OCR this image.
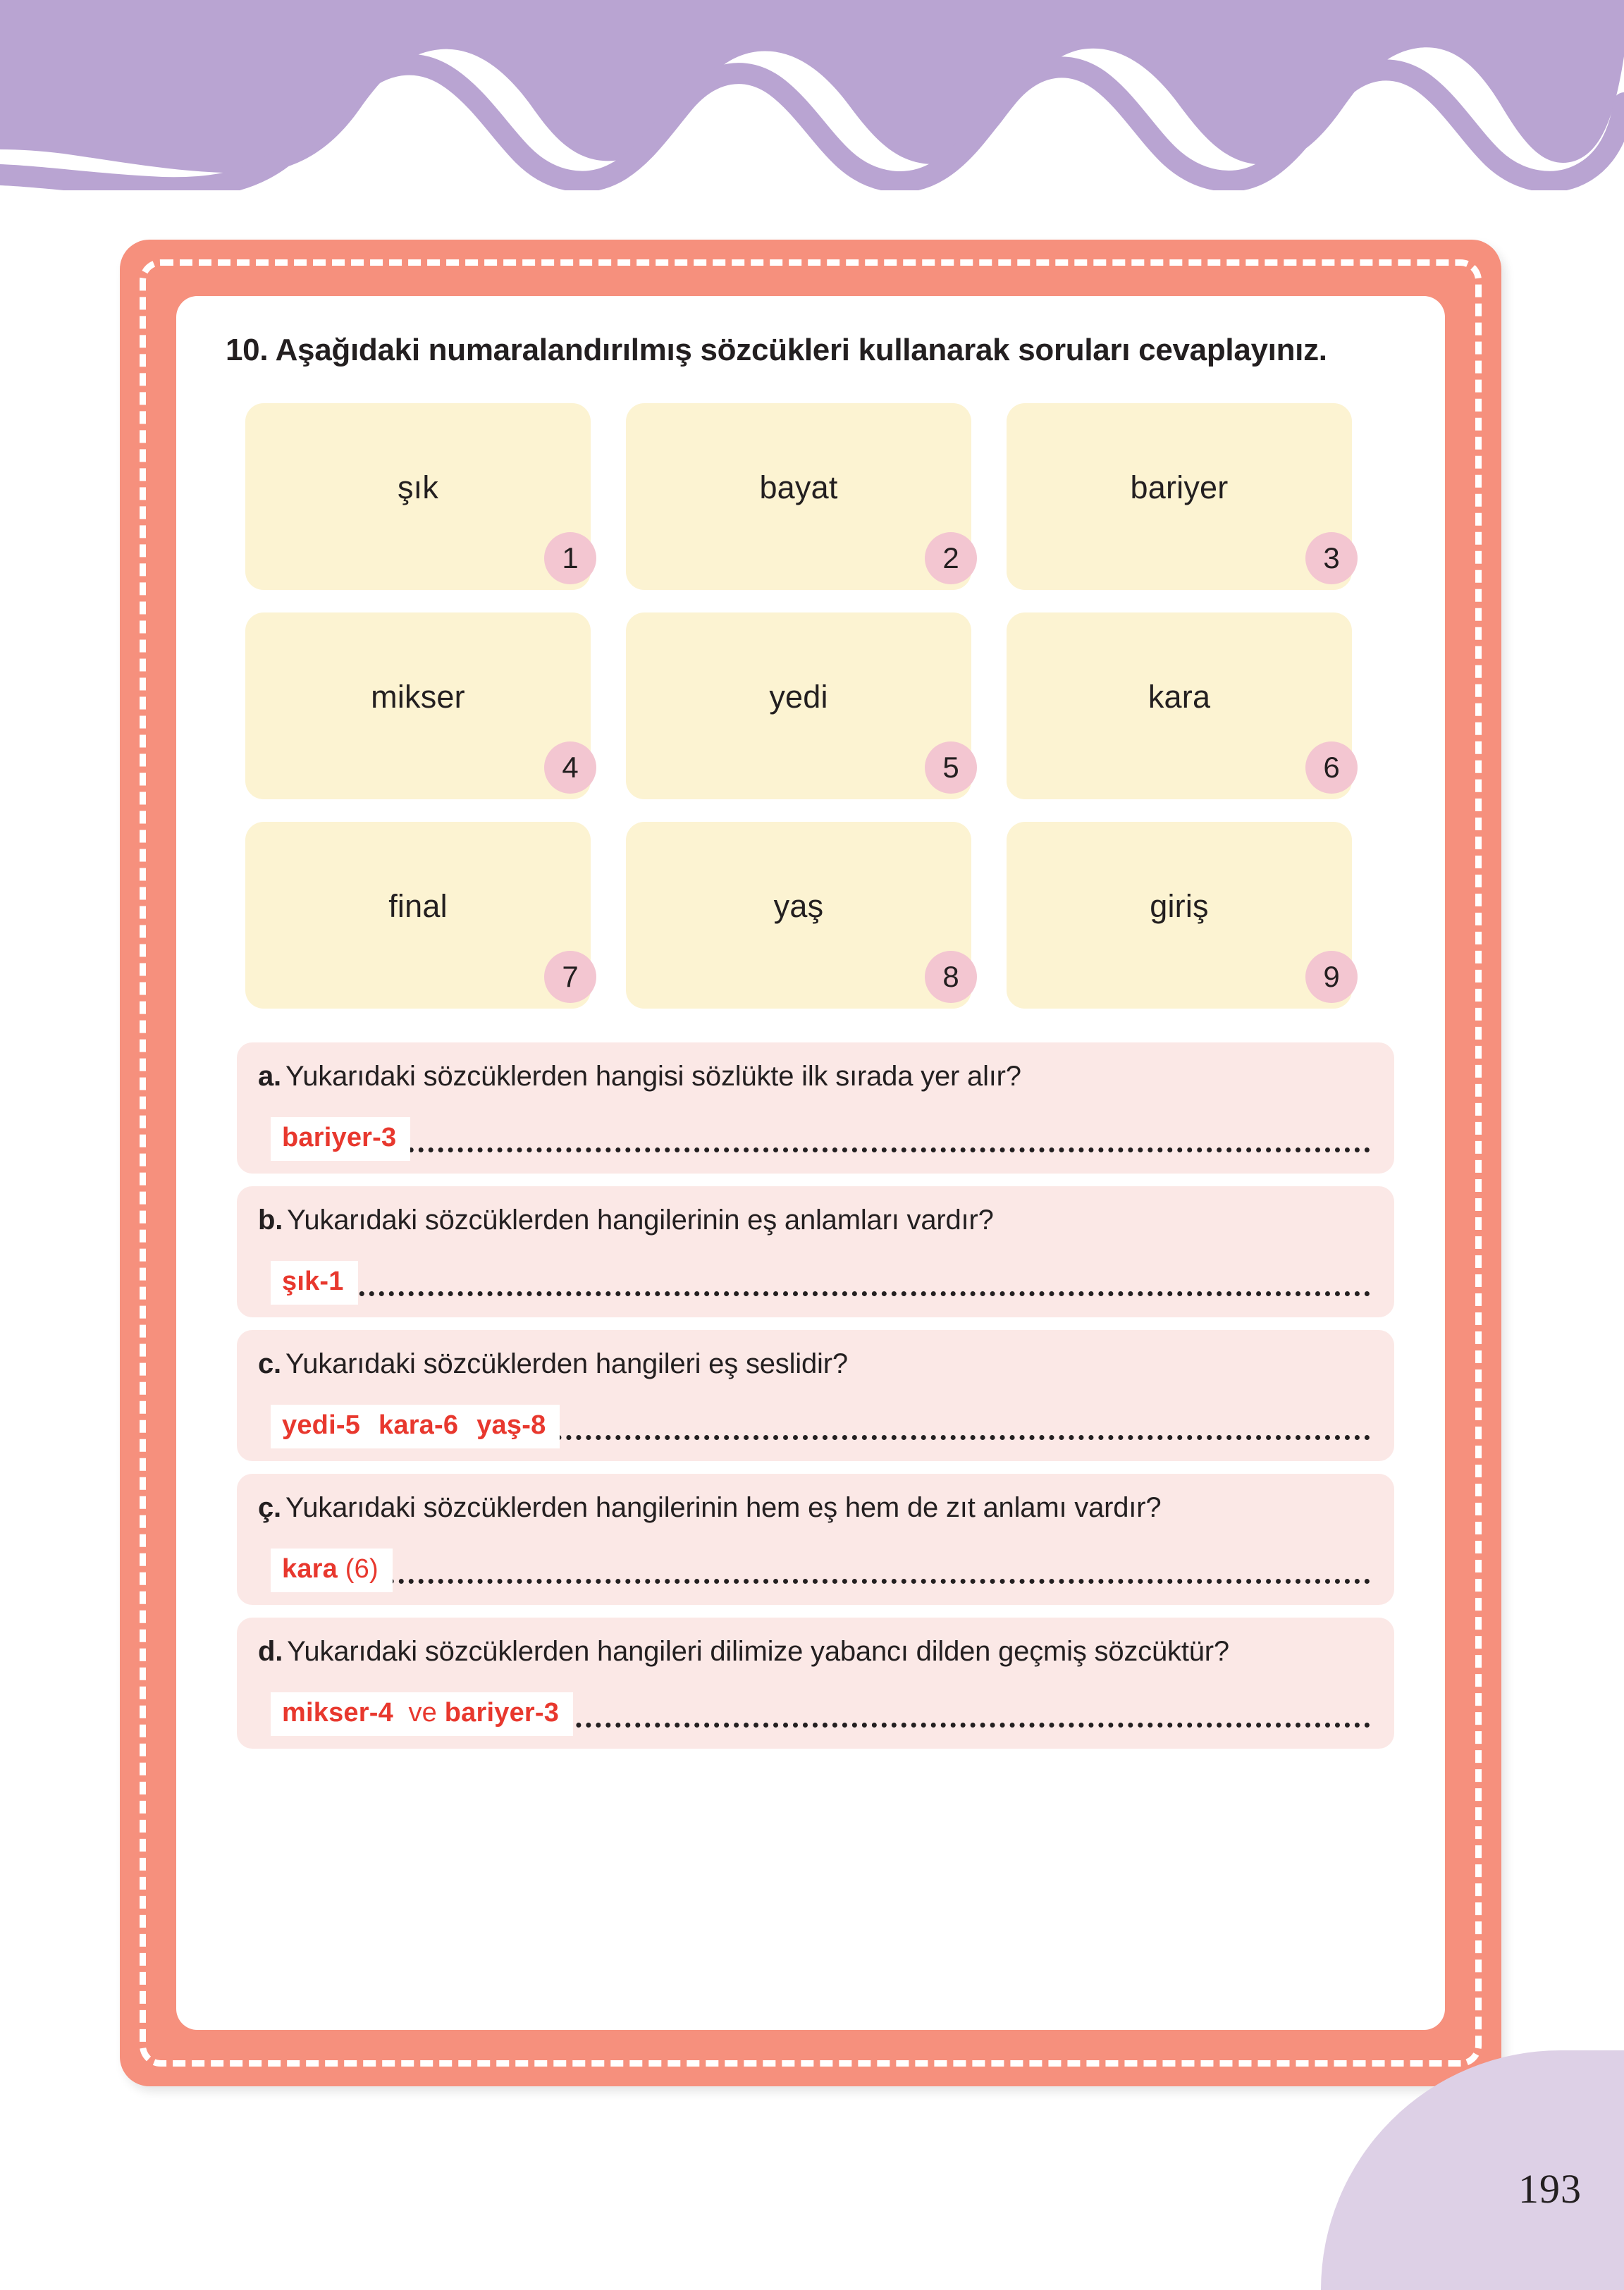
10. Aşağıdaki numaralandırılmış sözcükleri kullanarak soruları cevaplayınız.
şık
1
bayat
2
bariyer
3
mikser
4
yedi
5
kara
6
final
7
yaş
8
giriş
9
a. Yukarıdaki sözcüklerden hangisi sözlükte ilk sırada yer alır?
bariyer-3
b. Yukarıdaki sözcüklerden hangilerinin eş anlamları vardır?
şık-1
c. Yukarıdaki sözcüklerden hangileri eş seslidir?
yedi-5 kara-6 yaş-8
ç. Yukarıdaki sözcüklerden hangilerinin hem eş hem de zıt anlamı vardır?
kara (6)
d. Yukarıdaki sözcüklerden hangileri dilimize yabancı dilden geçmiş sözcüktür?
mikser-4 ve bariyer-3
193
